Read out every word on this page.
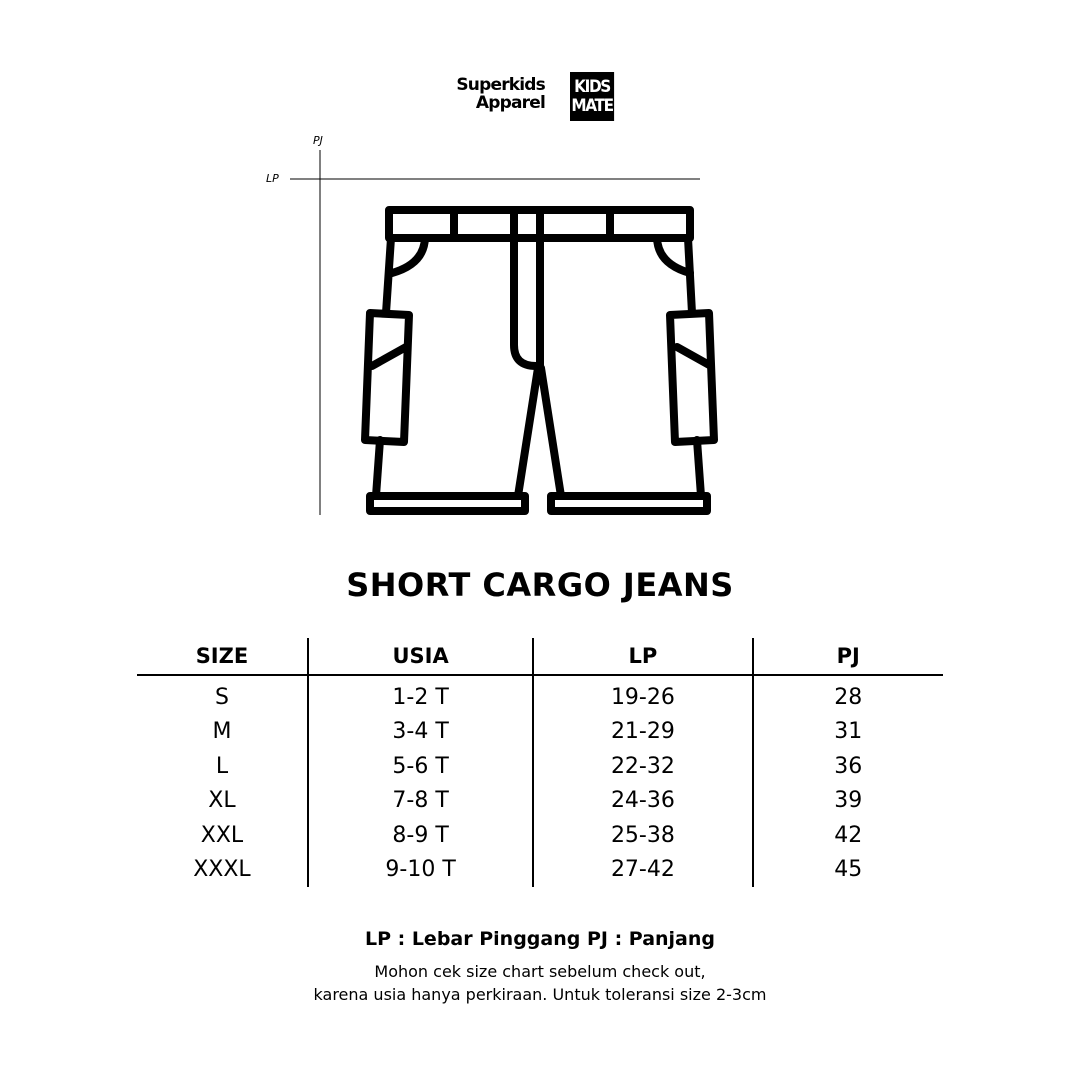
Superkids
Apparel
KIDS
MATE
PJ
LP
SHORT CARGO JEANS
SIZE	USIA	LP	PJ
S	1-2 T	19-26	28
M	3-4 T	21-29	31
L	5-6 T	22-32	36
XL	7-8 T	24-36	39
XXL	8-9 T	25-38	42
XXXL	9-10 T	27-42	45
LP : Lebar Pinggang PJ : Panjang
Mohon cek size chart sebelum check out,
karena usia hanya perkiraan. Untuk toleransi size 2-3cm
